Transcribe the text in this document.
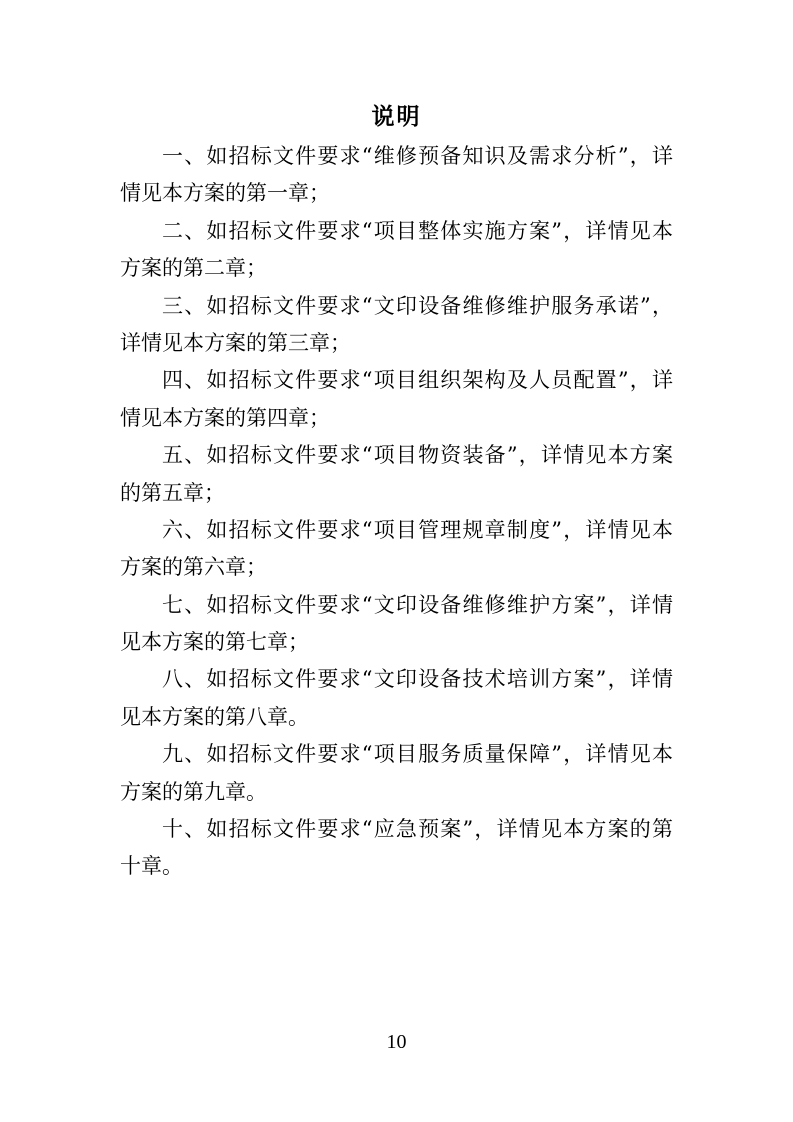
说明
一、如招标文件要求“维修预备知识及需求分析”，详
情见本方案的第一章；
二、如招标文件要求“项目整体实施方案”，详情见本
方案的第二章；
三、如招标文件要求“文印设备维修维护服务承诺”，
详情见本方案的第三章；
四、如招标文件要求“项目组织架构及人员配置”，详
情见本方案的第四章；
五、如招标文件要求“项目物资装备”，详情见本方案
的第五章；
六、如招标文件要求“项目管理规章制度”，详情见本
方案的第六章；
七、如招标文件要求“文印设备维修维护方案”，详情
见本方案的第七章；
八、如招标文件要求“文印设备技术培训方案”，详情
见本方案的第八章。
九、如招标文件要求“项目服务质量保障”，详情见本
方案的第九章。
十、如招标文件要求“应急预案”，详情见本方案的第
十章。
10
